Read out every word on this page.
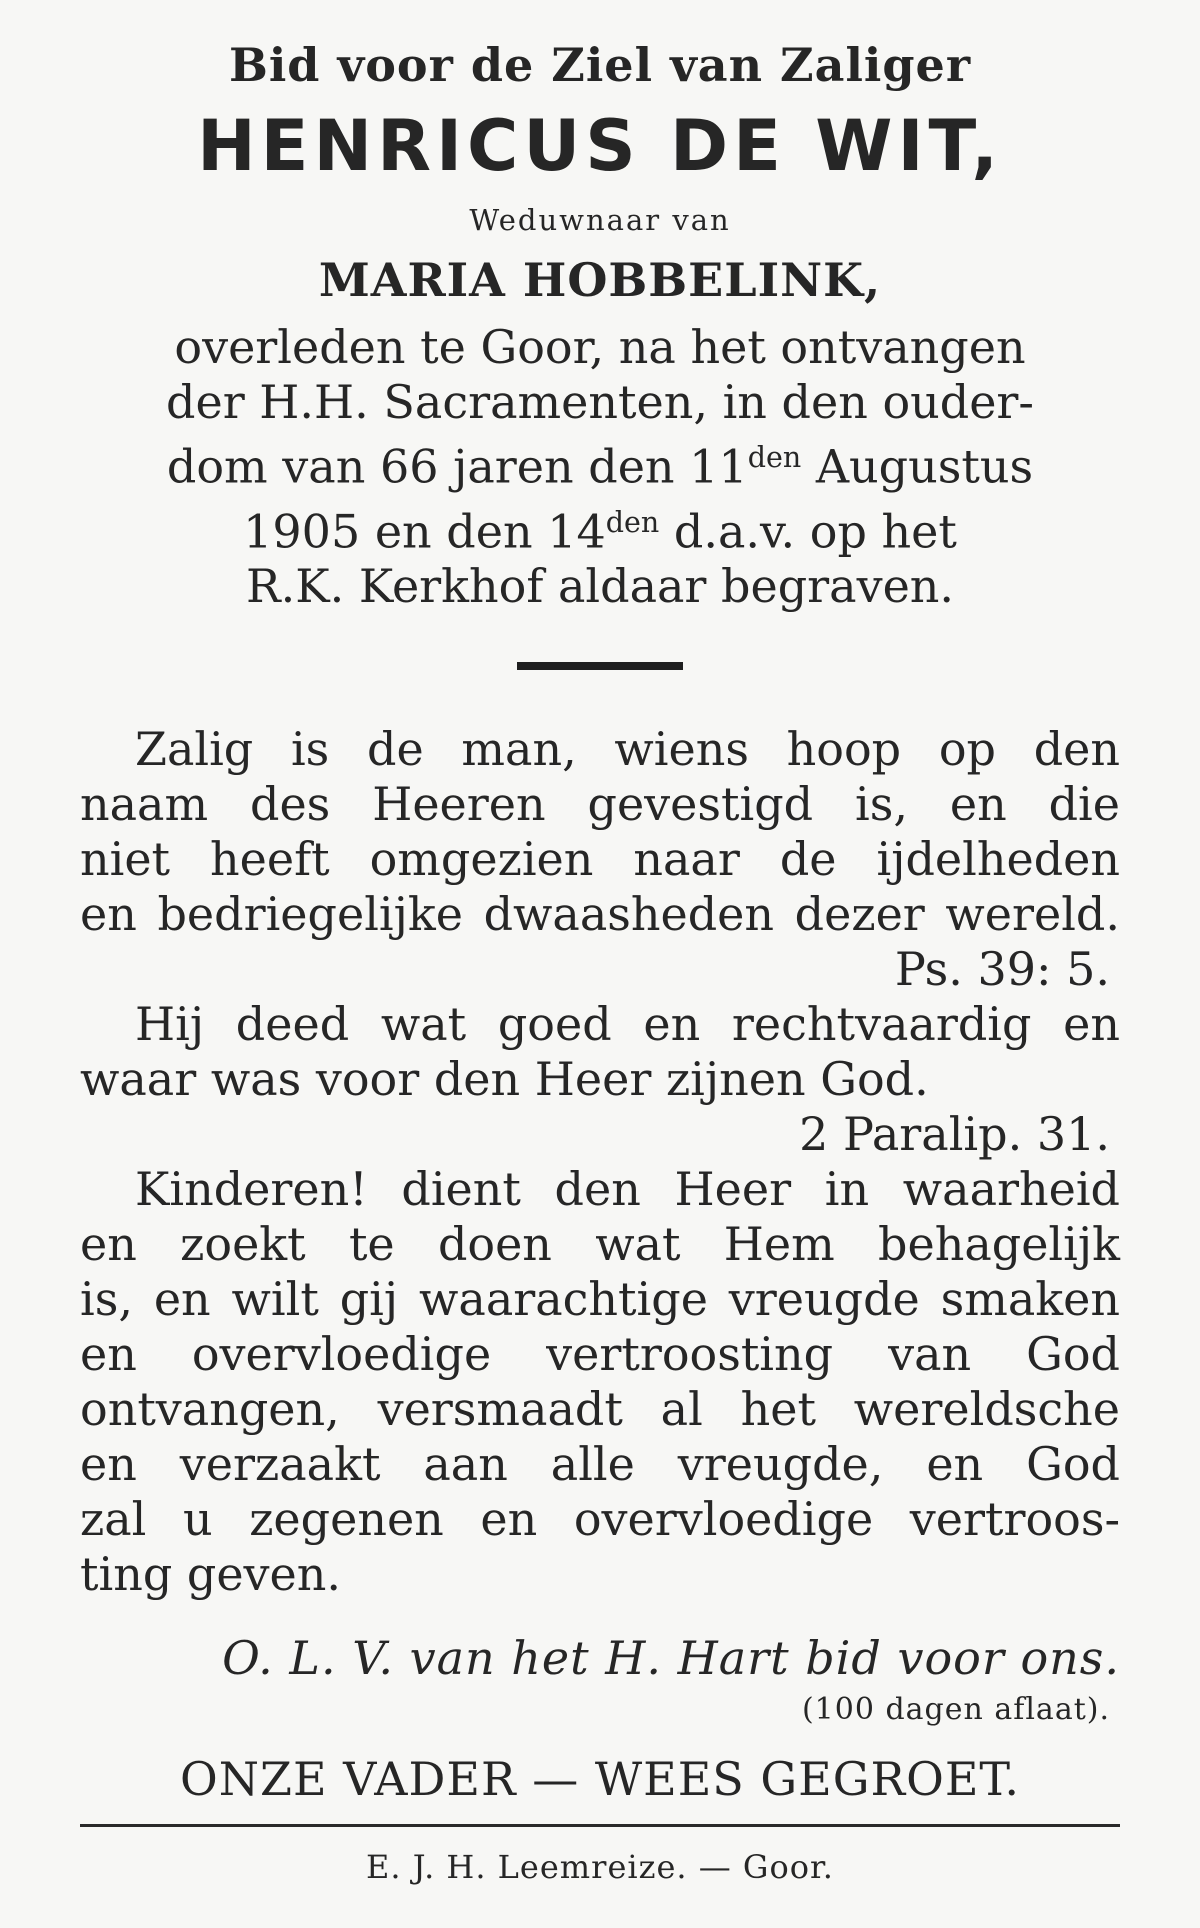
Bid voor de Ziel van Zaliger
HENRICUS DE WIT,
Weduwnaar van
MARIA HOBBELINK,
overleden te Goor, na het ontvangen
der H.H. Sacramenten, in den ouder-
dom van 66 jaren den $11^{den}$ Augustus
1905 en den $14^{den}$ d.a.v. op het
R.K. Kerkhof aldaar begraven.
Zalig is de man, wiens hoop op den
naam des Heeren gevestigd is, en die
niet heeft omgezien naar de ijdelheden
en bedriegelijke dwaasheden dezer wereld.
Ps. 39: 5.
Hij deed wat goed en rechtvaardig en
waar was voor den Heer zijnen God.
2 Paralip. 31.
Kinderen! dient den Heer in waarheid
en zoekt te doen wat Hem behagelijk
is, en wilt gij waarachtige vreugde smaken
en overvloedige vertroosting van God
ontvangen, versmaadt al het wereldsche
en verzaakt aan alle vreugde, en God
zal u zegenen en overvloedige vertroos-
ting geven.
O. L. V. van het H. Hart bid voor ons.
(100 dagen aflaat).
ONZE VADER — WEES GEGROET.
E. J. H. Leemreize. — Goor.
